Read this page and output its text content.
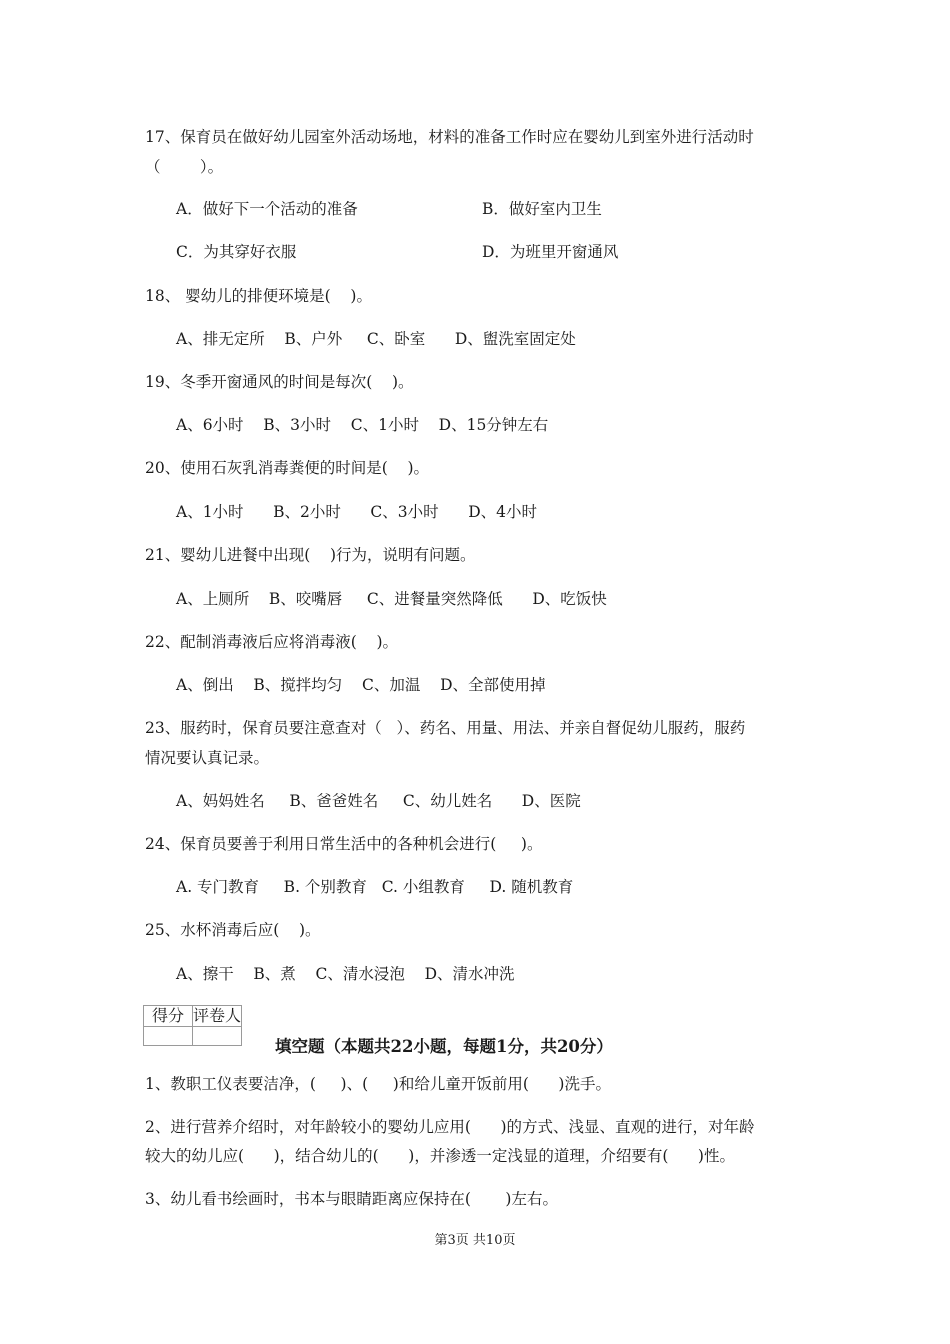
17、保育员在做好幼儿园室外活动场地，材料的准备工作时应在婴幼儿到室外进行活动时
（        ）。
A．做好下一个活动的准备	B．做好室内卫生
C．为其穿好衣服	D．为班里开窗通风
18、 婴幼儿的排便环境是(    )。
A、排无定所    B、户外     C、卧室      D、盥洗室固定处
19、冬季开窗通风的时间是每次(    )。
A、6小时    B、3小时    C、1小时    D、15分钟左右
20、使用石灰乳消毒粪便的时间是(    )。
A、1小时      B、2小时      C、3小时      D、4小时
21、婴幼儿进餐中出现(    )行为，说明有问题。
A、上厕所    B、咬嘴唇     C、进餐量突然降低      D、吃饭快
22、配制消毒液后应将消毒液(    )。
A、倒出    B、搅拌均匀    C、加温    D、全部使用掉
23、服药时，保育员要注意查对（   ）、药名、用量、用法、并亲自督促幼儿服药，服药
情况要认真记录。
A、妈妈姓名     B、爸爸姓名     C、幼儿姓名      D、医院
24、保育员要善于利用日常生活中的各种机会进行(     )。
A. 专门教育     B. 个别教育   C. 小组教育     D. 随机教育
25、水杯消毒后应(    )。
A、擦干    B、煮    C、清水浸泡    D、清水冲洗
得分	评卷人

填空题（本题共22小题，每题1分，共20分）
1、教职工仪表要洁净，(     )、(     )和给儿童开饭前用(      )洗手。
2、进行营养介绍时，对年龄较小的婴幼儿应用(      )的方式、浅显、直观的进行，对年龄
较大的幼儿应(      )，结合幼儿的(      )，并渗透一定浅显的道理，介绍要有(      )性。
3、幼儿看书绘画时，书本与眼睛距离应保持在(       )左右。
第3页 共10页
